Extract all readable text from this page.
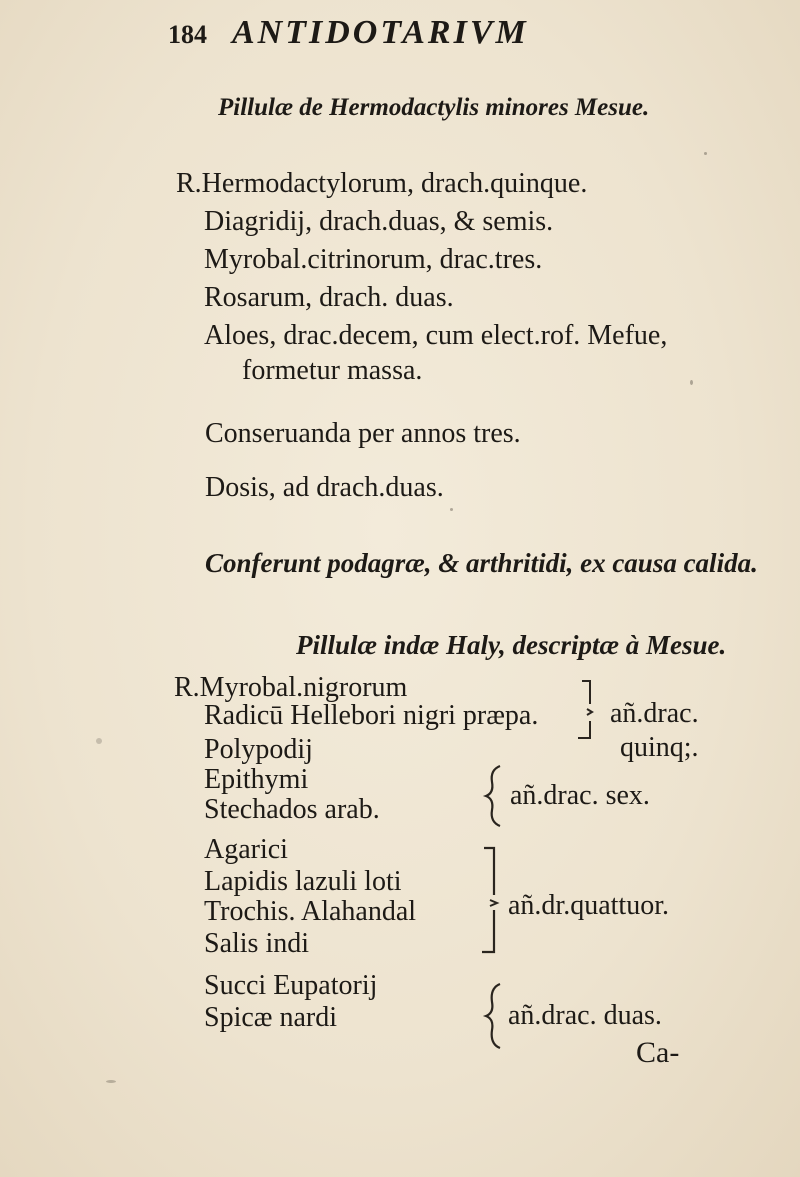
184 ANTIDOTARIVM
Pillulæ de Hermodactylis minores Mesue.
R.Hermodactylorum, drach.quinque.
Diagridij, drach.duas, & semis.
Myrobal.citrinorum, drac.tres.
Rosarum, drach. duas.
Aloes, drac.decem, cum elect.rof. Mefue,
formetur massa.
Conseruanda per annos tres.
Dosis, ad drach.duas.
Conferunt podagræ, & arthritidi, ex causa calida.
Pillulæ indæ Haly, descriptæ à Mesue.
R.Myrobal.nigrorum
Radicū Hellebori nigri præpa.
Polypodij
Epithymi
Stechados arab.
Agarici
Lapidis lazuli loti
Trochis. Alahandal
Salis indi
Succi Eupatorij
Spicæ nardi
añ.drac.
quinq;.
añ.drac. sex.
añ.dr.quattuor.
añ.drac. duas.
Ca-
